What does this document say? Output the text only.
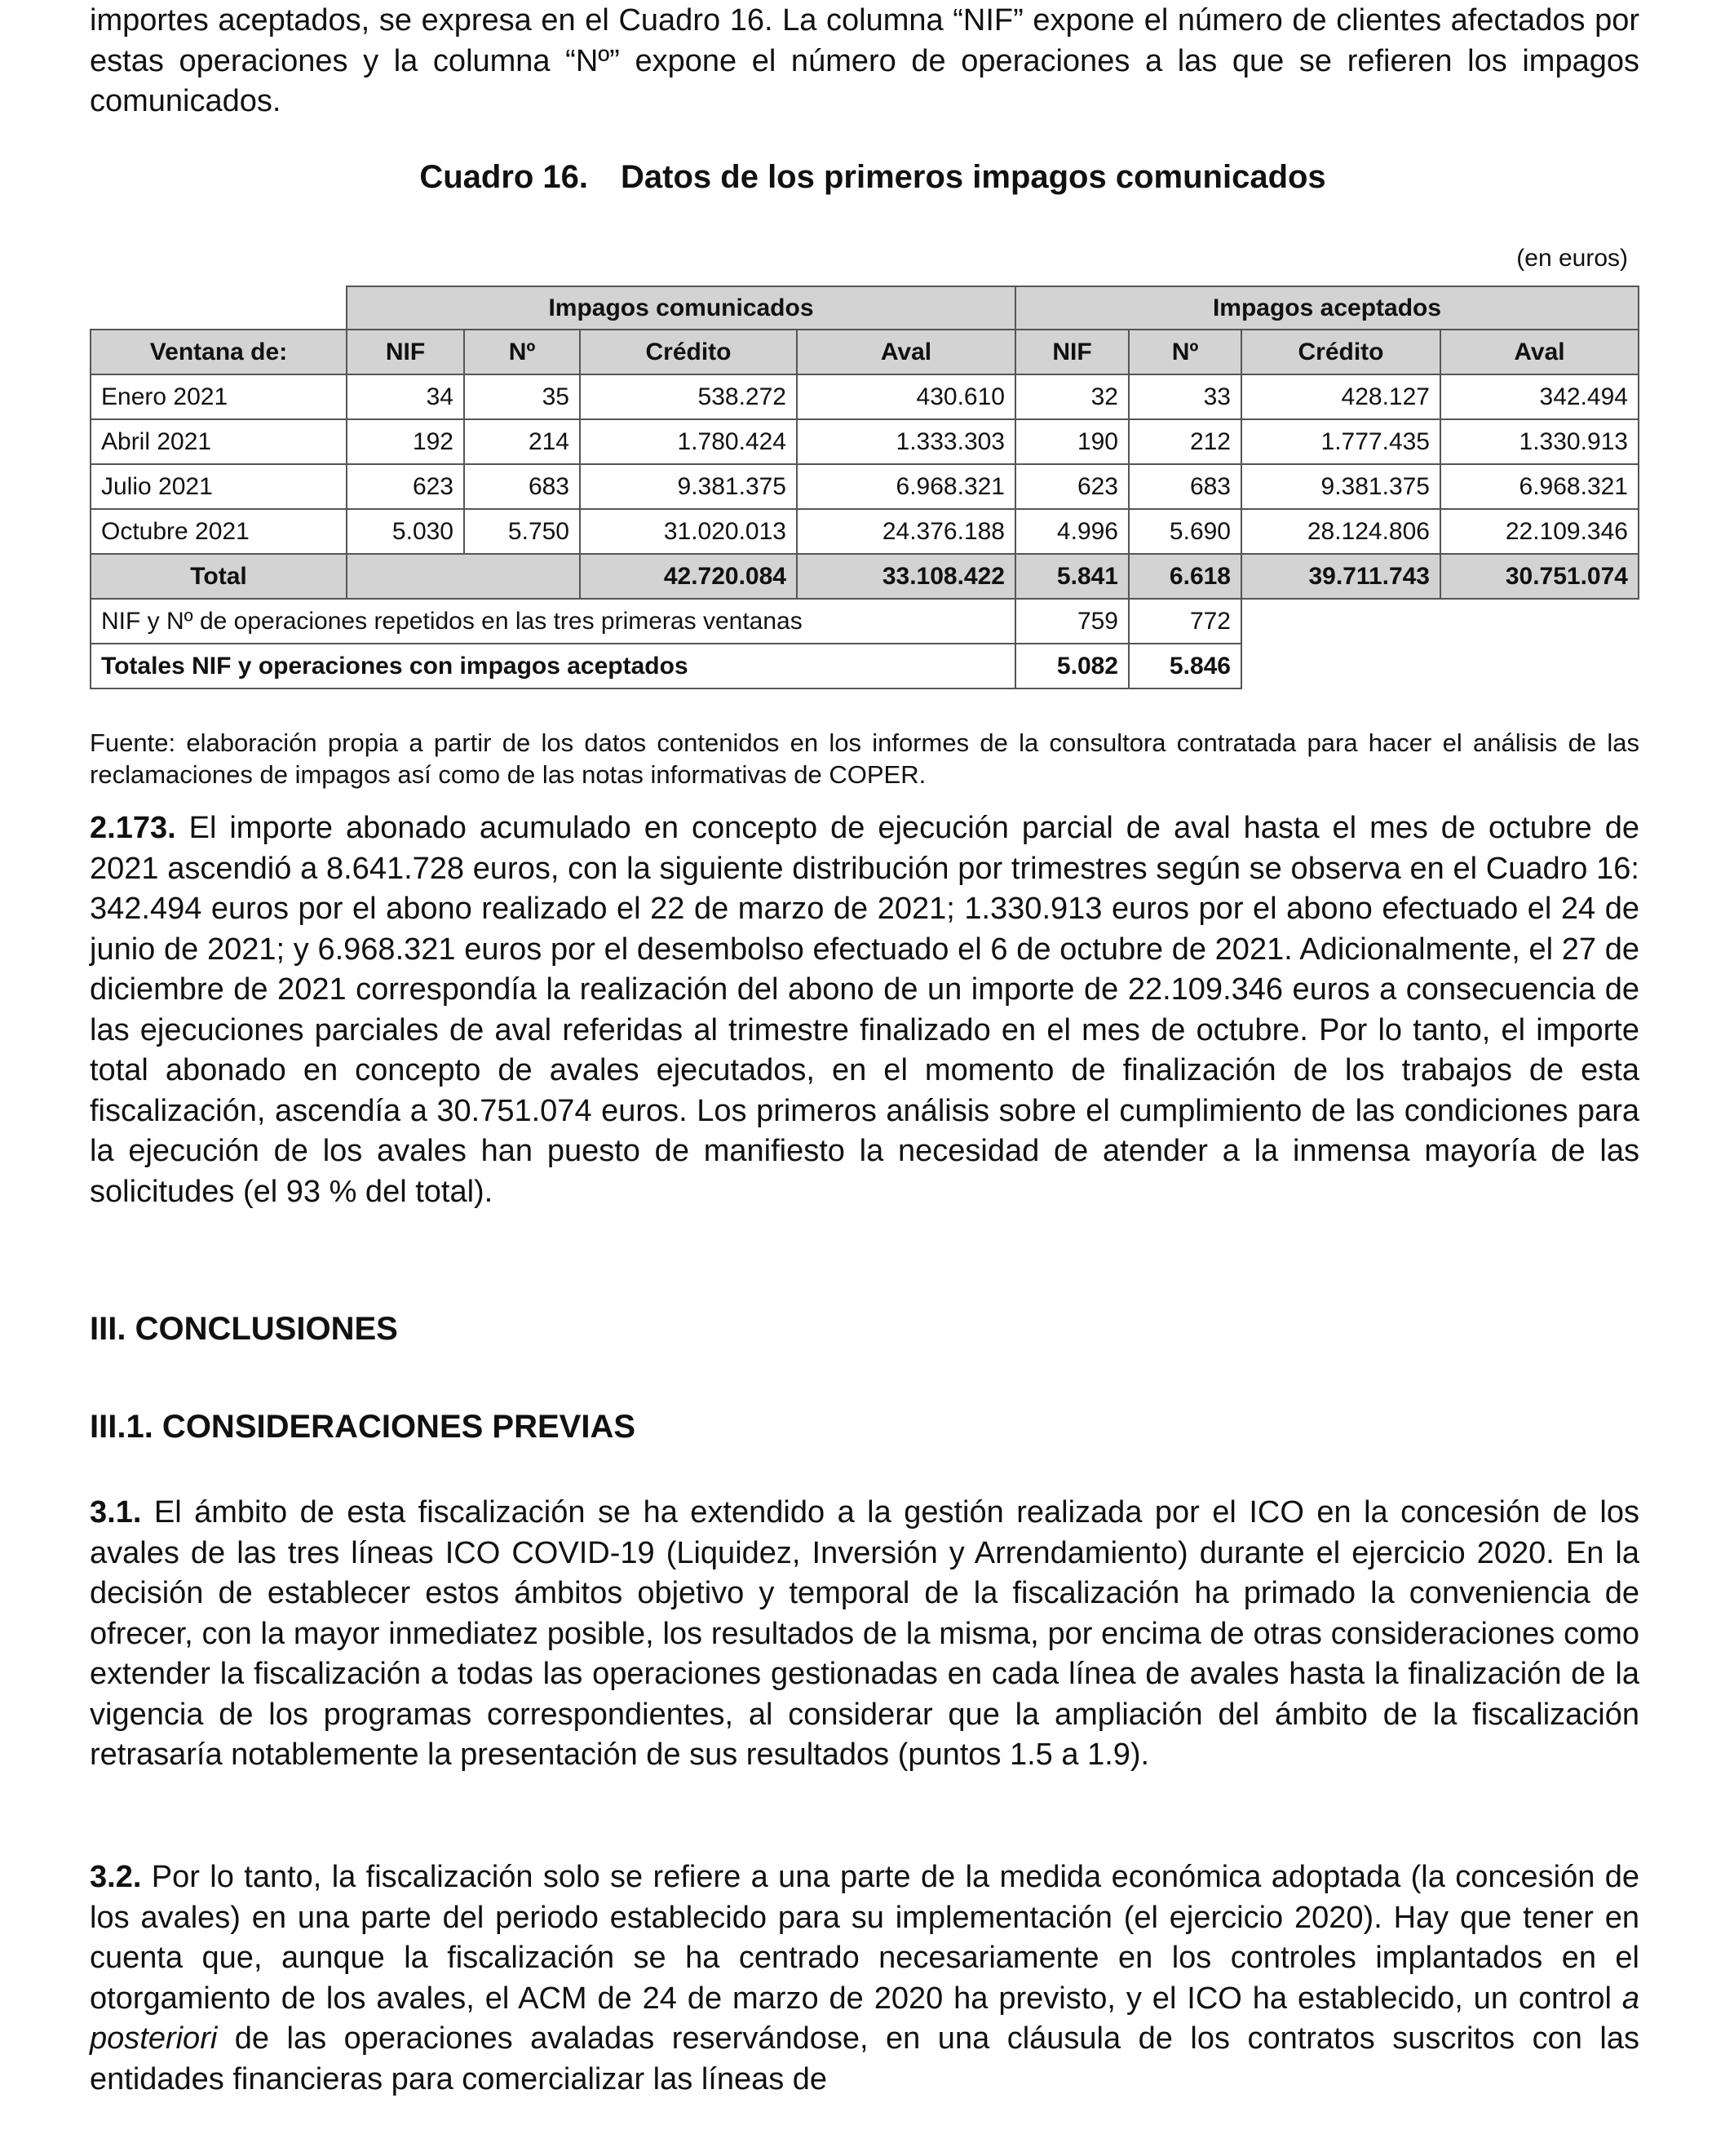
importes aceptados, se expresa en el Cuadro 16. La columna “NIF” expone el número de clientes afectados por estas operaciones y la columna “Nº” expone el número de operaciones a las que se refieren los impagos comunicados.

Cuadro 16. Datos de los primeros impagos comunicados
(en euros)
	Impagos comunicados				Impagos aceptados			
Ventana de:	NIF	Nº	Crédito	Aval	NIF	Nº	Crédito	Aval
Enero 2021	34	35	538.272	430.610	32	33	428.127	342.494
Abril 2021	192	214	1.780.424	1.333.303	190	212	1.777.435	1.330.913
Julio 2021	623	683	9.381.375	6.968.321	623	683	9.381.375	6.968.321
Octubre 2021	5.030	5.750	31.020.013	24.376.188	4.996	5.690	28.124.806	22.109.346
Total			42.720.084	33.108.422	5.841	6.618	39.711.743	30.751.074
NIF y Nº de operaciones repetidos en las tres primeras ventanas					759	772		
Totales NIF y operaciones con impagos aceptados					5.082	5.846		

Fuente: elaboración propia a partir de los datos contenidos en los informes de la consultora contratada para hacer el análisis de las reclamaciones de impagos así como de las notas informativas de COPER.

2.173. El importe abonado acumulado en concepto de ejecución parcial de aval hasta el mes de octubre de 2021 ascendió a 8.641.728 euros, con la siguiente distribución por trimestres según se observa en el Cuadro 16: 342.494 euros por el abono realizado el 22 de marzo de 2021; 1.330.913 euros por el abono efectuado el 24 de junio de 2021; y 6.968.321 euros por el desembolso efectuado el 6 de octubre de 2021. Adicionalmente, el 27 de diciembre de 2021 correspondía la realización del abono de un importe de 22.109.346 euros a consecuencia de las ejecuciones parciales de aval referidas al trimestre finalizado en el mes de octubre. Por lo tanto, el importe total abonado en concepto de avales ejecutados, en el momento de finalización de los trabajos de esta fiscalización, ascendía a 30.751.074 euros. Los primeros análisis sobre el cumplimiento de las condiciones para la ejecución de los avales han puesto de manifiesto la necesidad de atender a la inmensa mayoría de las solicitudes (el 93 % del total).

III. CONCLUSIONES
III.1. CONSIDERACIONES PREVIAS

3.1. El ámbito de esta fiscalización se ha extendido a la gestión realizada por el ICO en la concesión de los avales de las tres líneas ICO COVID-19 (Liquidez, Inversión y Arrendamiento) durante el ejercicio 2020. En la decisión de establecer estos ámbitos objetivo y temporal de la fiscalización ha primado la conveniencia de ofrecer, con la mayor inmediatez posible, los resultados de la misma, por encima de otras consideraciones como extender la fiscalización a todas las operaciones gestionadas en cada línea de avales hasta la finalización de la vigencia de los programas correspondientes, al considerar que la ampliación del ámbito de la fiscalización retrasaría notablemente la presentación de sus resultados (puntos 1.5 a 1.9).

3.2. Por lo tanto, la fiscalización solo se refiere a una parte de la medida económica adoptada (la concesión de los avales) en una parte del periodo establecido para su implementación (el ejercicio 2020). Hay que tener en cuenta que, aunque la fiscalización se ha centrado necesariamente en los controles implantados en el otorgamiento de los avales, el ACM de 24 de marzo de 2020 ha previsto, y el ICO ha establecido, un control a posteriori de las operaciones avaladas reservándose, en una cláusula de los contratos suscritos con las entidades financieras para comercializar las líneas de
